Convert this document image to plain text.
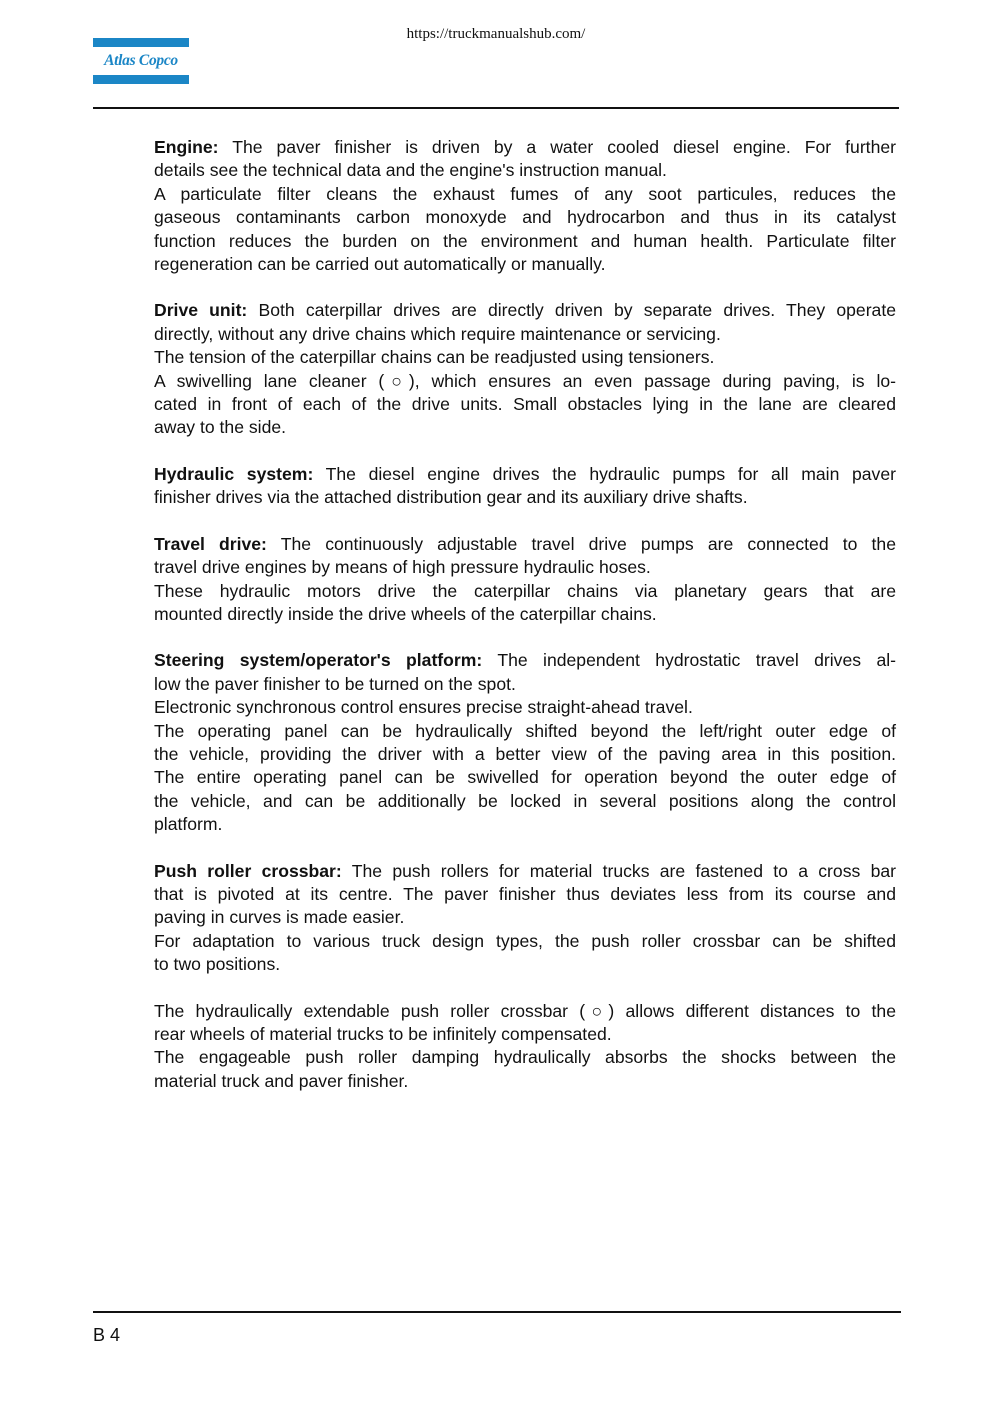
https://truckmanualshub.com/
Atlas Copco
Engine: The paver finisher is driven by a water cooled diesel engine. For further
details see the technical data and the engine's instruction manual.
A particulate filter cleans the exhaust fumes of any soot particules, reduces the
gaseous contaminants carbon monoxyde and hydrocarbon and thus in its catalyst
function reduces the burden on the environment and human health. Particulate filter
regeneration can be carried out automatically or manually.
Drive unit: Both caterpillar drives are directly driven by separate drives. They operate
directly, without any drive chains which require maintenance or servicing.
The tension of the caterpillar chains can be readjusted using tensioners.
A swivelling lane cleaner (○), which ensures an even passage during paving, is lo-
cated in front of each of the drive units. Small obstacles lying in the lane are cleared
away to the side.
Hydraulic system: The diesel engine drives the hydraulic pumps for all main paver
finisher drives via the attached distribution gear and its auxiliary drive shafts.
Travel drive: The continuously adjustable travel drive pumps are connected to the
travel drive engines by means of high pressure hydraulic hoses.
These hydraulic motors drive the caterpillar chains via planetary gears that are
mounted directly inside the drive wheels of the caterpillar chains.
Steering system/operator's platform: The independent hydrostatic travel drives al-
low the paver finisher to be turned on the spot.
Electronic synchronous control ensures precise straight-ahead travel.
The operating panel can be hydraulically shifted beyond the left/right outer edge of
the vehicle, providing the driver with a better view of the paving area in this position.
The entire operating panel can be swivelled for operation beyond the outer edge of
the vehicle, and can be additionally be locked in several positions along the control
platform.
Push roller crossbar: The push rollers for material trucks are fastened to a cross bar
that is pivoted at its centre. The paver finisher thus deviates less from its course and
paving in curves is made easier.
For adaptation to various truck design types, the push roller crossbar can be shifted
to two positions.
The hydraulically extendable push roller crossbar (○) allows different distances to the
rear wheels of material trucks to be infinitely compensated.
The engageable push roller damping hydraulically absorbs the shocks between the
material truck and paver finisher.
B 4
